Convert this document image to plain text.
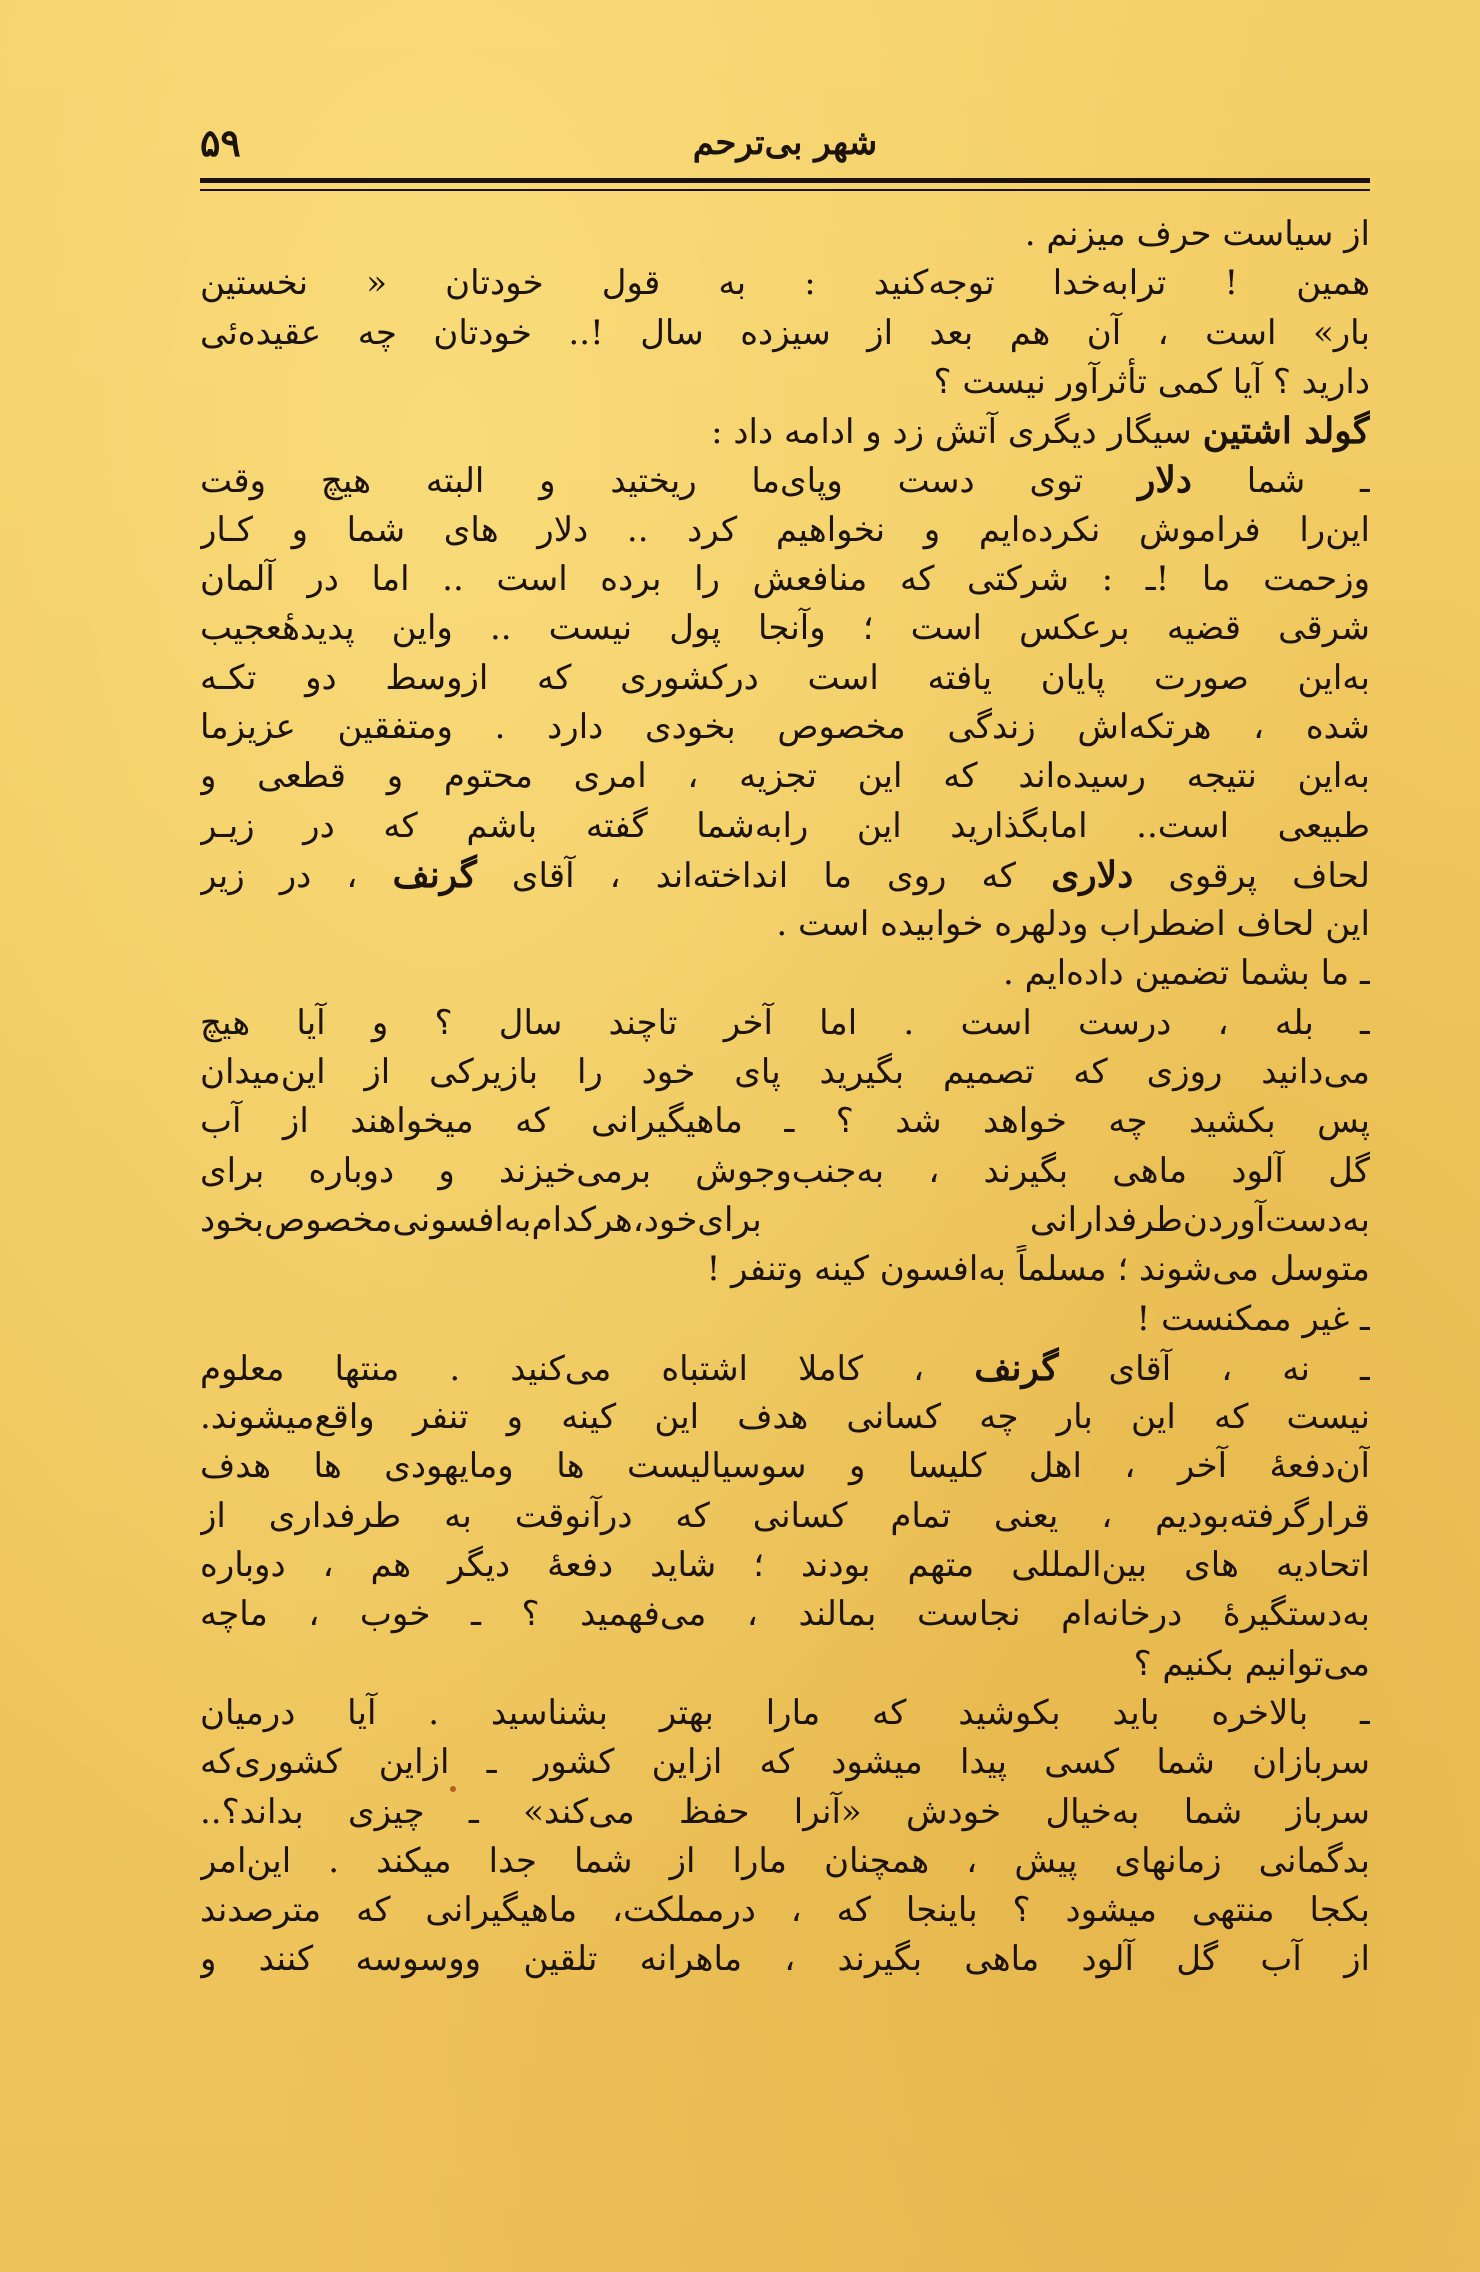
۵۹	شهر بی‌ترحم
از سیاست حرف میزنم .
همین ! ترابه‌خدا توجه‌کنید : به قول خودتان « نخستین
بار» است ، آن هم بعد از سیزده سال !.. خودتان چه عقیده‌ئی
دارید ؟ آیا کمی تأثرآور نیست ؟
گولد اشتین سیگار دیگری آتش زد و ادامه داد :
ـ شما دلار توی دست وپای‌ما ریختید و البته هیچ وقت
این‌را فراموش نکرده‌ایم و نخواهیم کرد .. دلار های شما و کـار
وزحمت ما !ـ : شرکتی که منافعش را برده است .. اما در آلمان
شرقی قضیه برعکس است ؛ وآنجا پول نیست .. واین پدیدهٔعجیب
به‌این صورت پایان یافته است درکشوری که ازوسط دو تکـه
شده ، هرتکه‌اش زندگی مخصوص بخودی دارد . ومتفقین عزیزما
به‌این نتیجه رسیده‌اند که این تجزیه ، امری محتوم و قطعی و
طبیعی است.. امابگذارید این رابه‌شما گفته باشم که در زیـر
لحاف پرقوی دلاری که روی ما انداخته‌اند ، آقای گرنف ، در زیر
این لحاف اضطراب ودلهره خوابیده است .
ـ ما بشما تضمین داده‌ایم .
ـ بله ، درست است . اما آخر تاچند سال ؟ و آیا هیچ
می‌دانید روزی که تصمیم بگیرید پای خود را بازیرکی از این‌میدان
پس بکشید چه خواهد شد ؟ ـ ماهیگیرانی که میخواهند از آب
گل آلود ماهی بگیرند ، به‌جنب‌وجوش برمی‌خیزند و دوباره برای
به‌دست‌آوردن‌طرفدارانی برای‌خود،هرکدام‌به‌افسونی‌مخصوص‌بخود
متوسل می‌شوند ؛ مسلماً به‌افسون کینه وتنفر !
ـ غیر ممکنست !
ـ نه ، آقای گرنف ، کاملا اشتباه می‌کنید . منتها معلوم
نیست که این بار چه کسانی هدف این کینه و تنفر واقع‌میشوند.
آن‌دفعهٔ آخر ، اهل کلیسا و سوسیالیست ها ومایهودی ها هدف
قرارگرفته‌بودیم ، یعنی تمام کسانی که درآنوقت به طرفداری از
اتحادیه های بین‌المللی متهم بودند ؛ شاید دفعهٔ دیگر هم ، دوباره
به‌دستگیرهٔ درخانه‌ام نجاست بمالند ، می‌فهمید ؟ ـ خوب ، ماچه
می‌توانیم بکنیم ؟
ـ بالاخره باید بکوشید که مارا بهتر بشناسید . آیا درمیان
سربازان شما کسی پیدا میشود که ازاین کشور ـ ازاین کشوری‌که
سرباز شما به‌خیال خودش «آنرا حفظ می‌کند» ـ چیزی بداند؟..
بدگمانی زمانهای پیش ، همچنان مارا از شما جدا میکند . این‌امر
بکجا منتهی میشود ؟ باینجا که ، درمملکت، ماهیگیرانی که مترصدند
از آب گل آلود ماهی بگیرند ، ماهرانه تلقین ووسوسه کنند و
